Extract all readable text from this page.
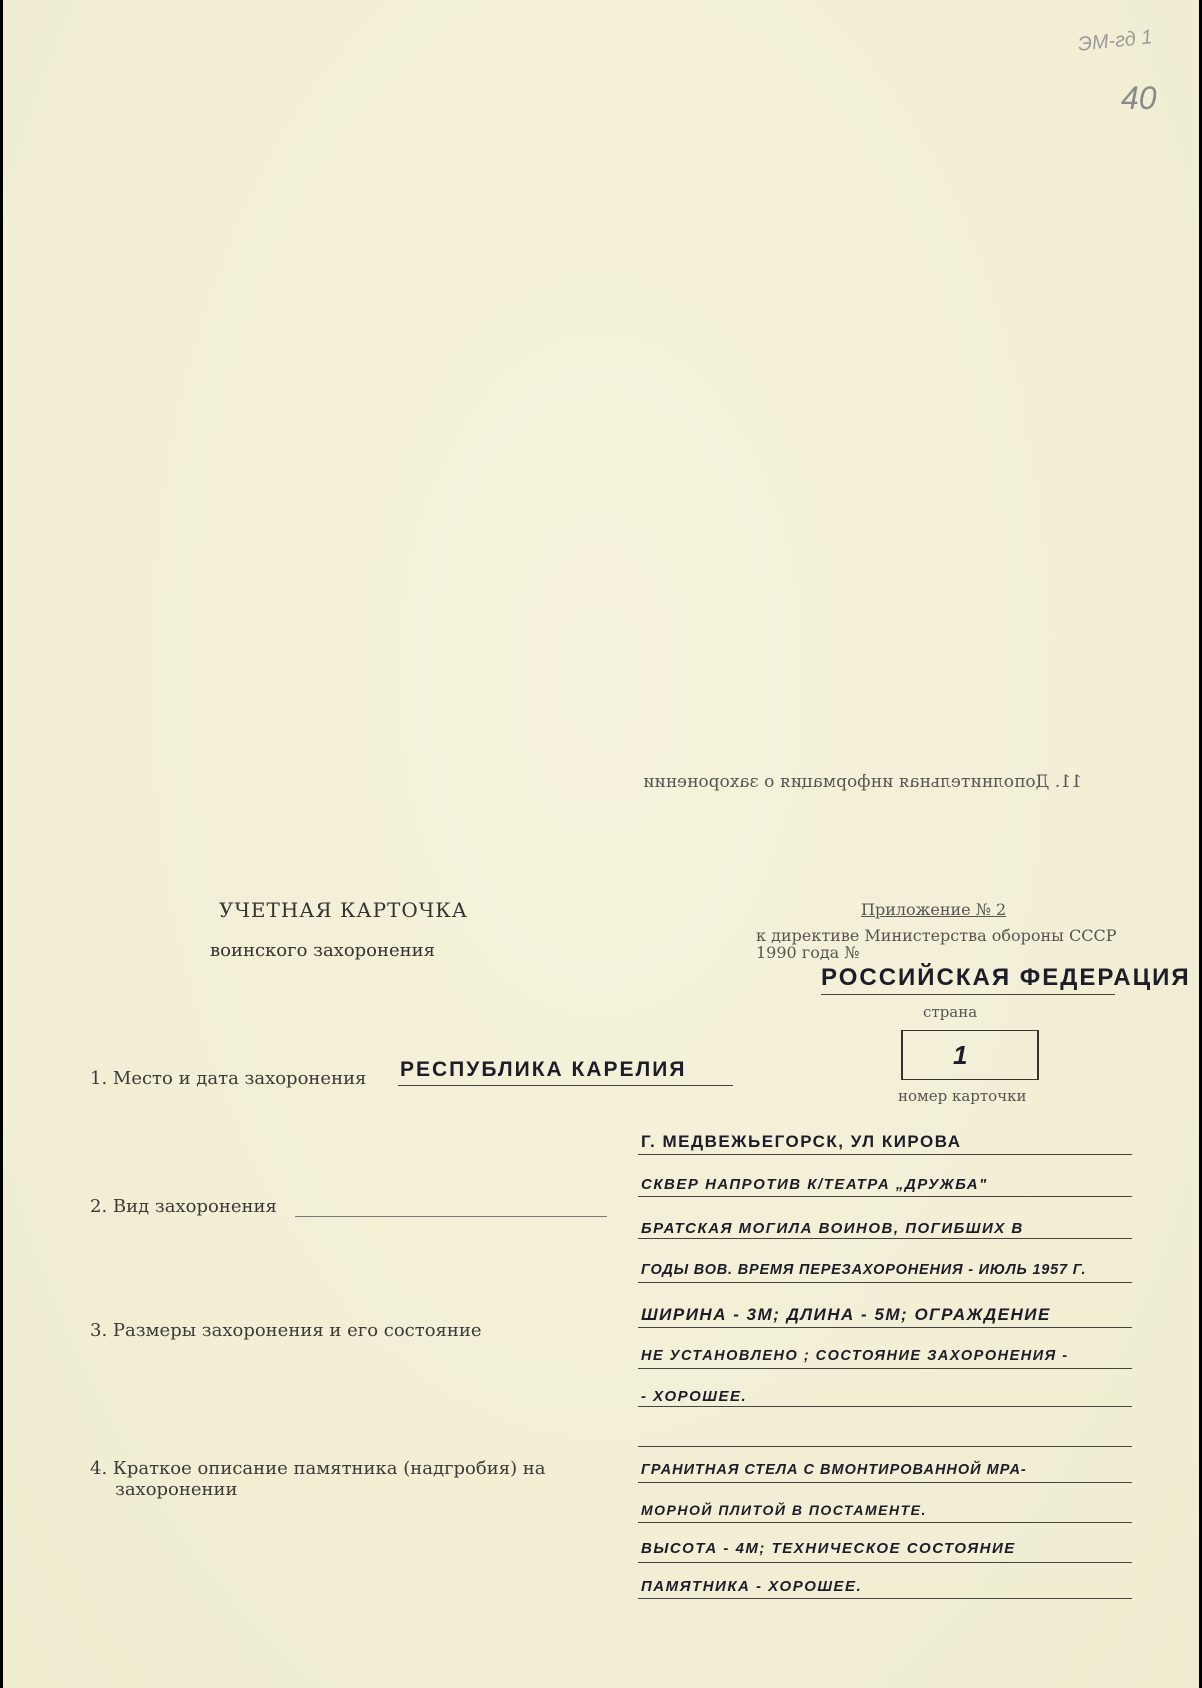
ЭМ-гд 1
40
11. Дополнительная информация о захоронении
УЧЕТНАЯ КАРТОЧКА
воинского захоронения
Приложение № 2
к директиве Министерства обороны СССР
1990 года №
РОССИЙСКАЯ ФЕДЕРАЦИЯ
страна
1
номер карточки
1. Место и дата захоронения РЕСПУБЛИКА КАРЕЛИЯ
Г. МЕДВЕЖЬЕГОРСК, УЛ КИРОВА
СКВЕР НАПРОТИВ К/ТЕАТРА „ДРУЖБА"
БРАТСКАЯ МОГИЛА ВОИНОВ, ПОГИБШИХ В
ГОДЫ ВОВ. ВРЕМЯ ПЕРЕЗАХОРОНЕНИЯ - ИЮЛЬ 1957 Г.
2. Вид захоронения
3. Размеры захоронения и его состояние
ШИРИНА - 3М; ДЛИНА - 5М; ОГРАЖДЕНИЕ
НЕ УСТАНОВЛЕНО ; СОСТОЯНИЕ ЗАХОРОНЕНИЯ -
- ХОРОШЕЕ.
4. Краткое описание памятника (надгробия) на
захоронении
ГРАНИТНАЯ СТЕЛА С ВМОНТИРОВАННОЙ МРА-
МОРНОЙ ПЛИТОЙ В ПОСТАМЕНТЕ.
ВЫСОТА - 4М; ТЕХНИЧЕСКОЕ СОСТОЯНИЕ
ПАМЯТНИКА - ХОРОШЕЕ.
